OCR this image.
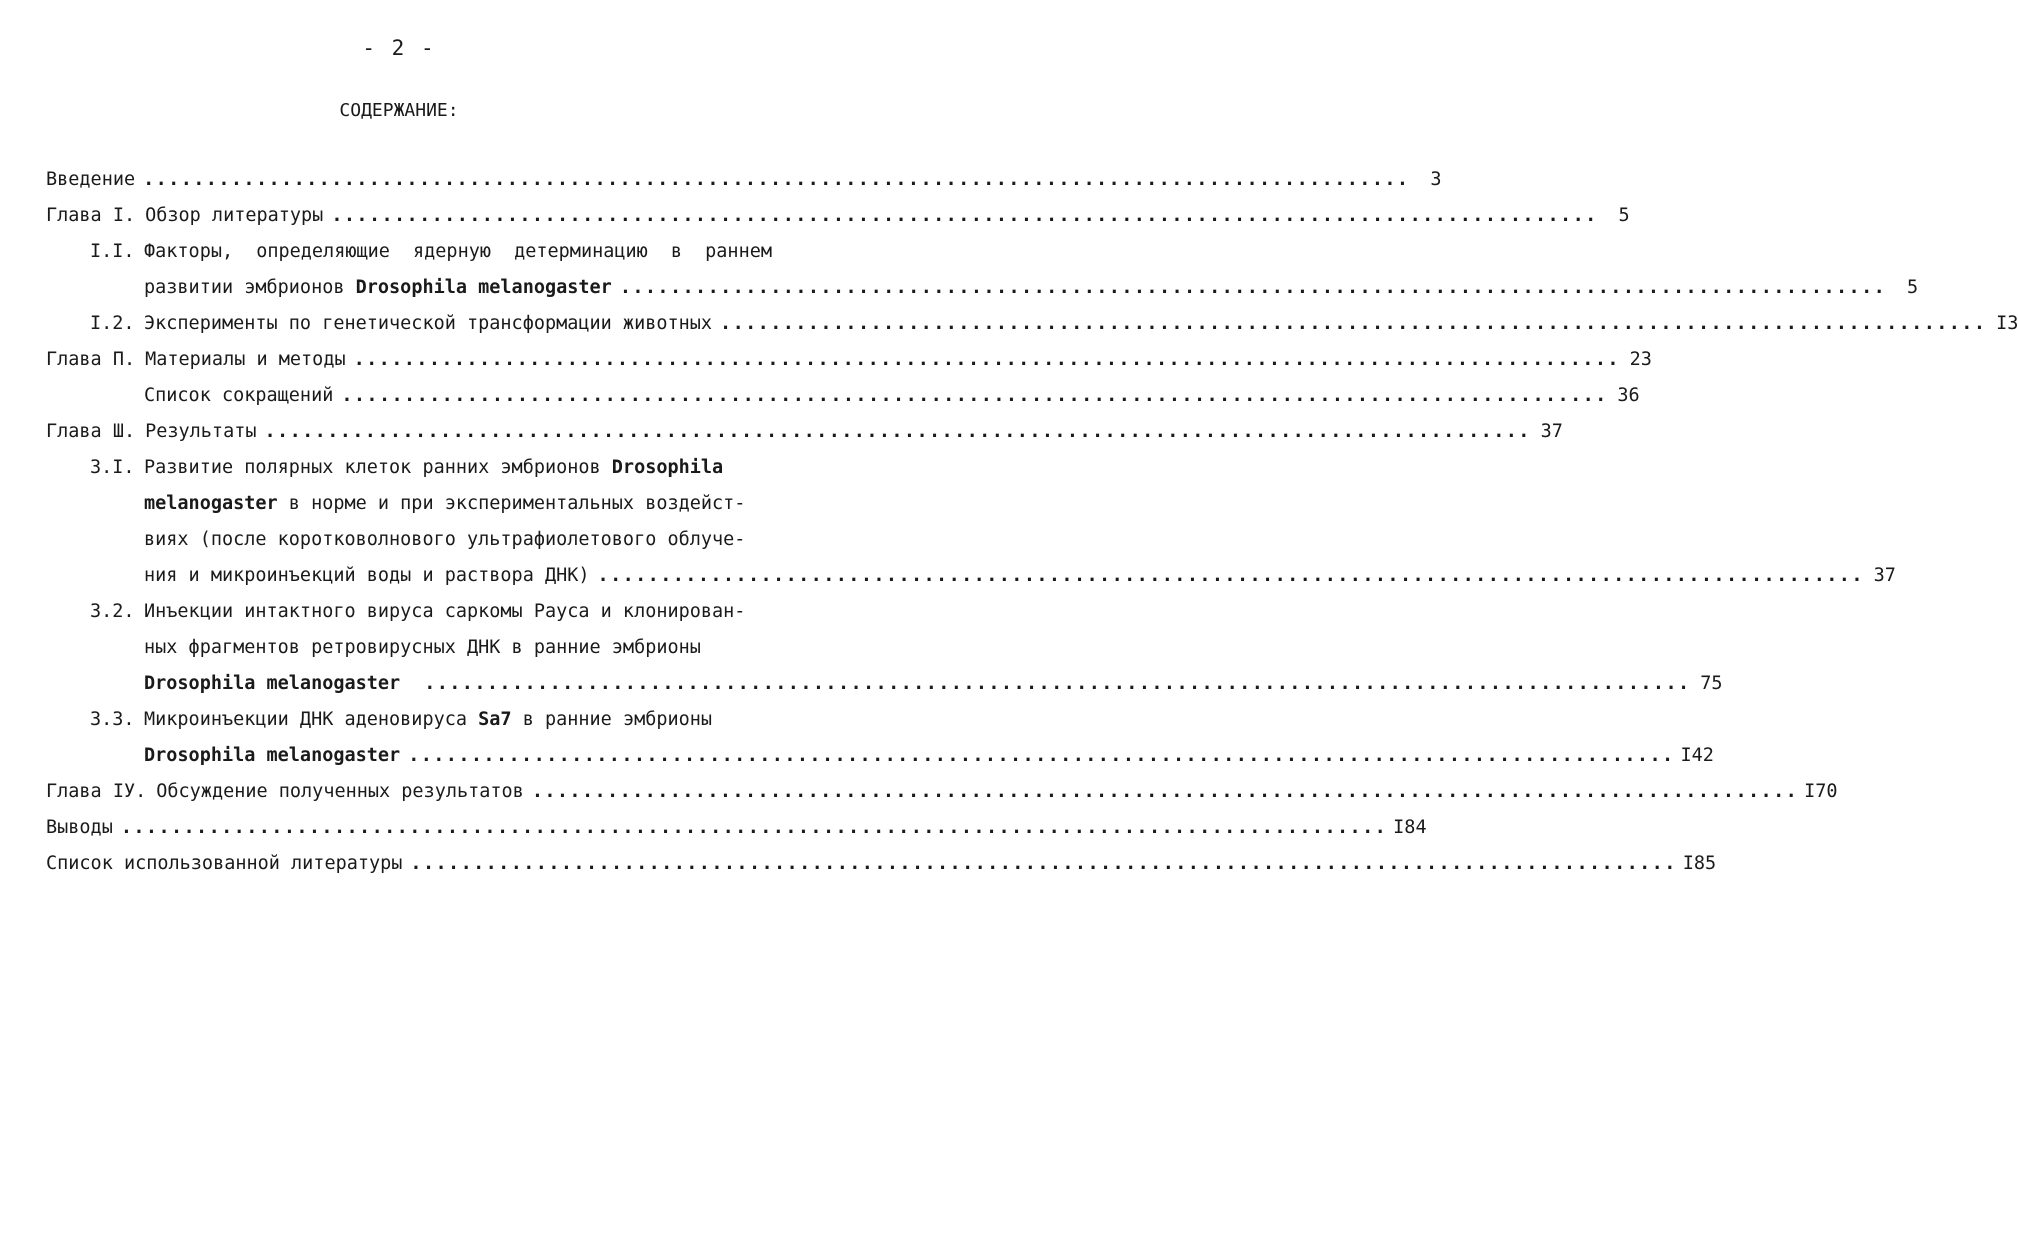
- 2 -
СОДЕРЖАНИЕ:
Введение .....................................................................................................	3
Глава I. Обзор литературы .....................................................................................................	5
I.I. Факторы, определяющие ядерную детерминацию в раннем
развитии эмбрионов Drosophila melanogaster .....................................................................................................	5
I.2. Эксперименты по генетической трансформации животных ..................................................................................................... I3
Глава П. Материалы и методы ..................................................................................................... 23
Список сокращений ..................................................................................................... 36
Глава Ш. Результаты ..................................................................................................... 37
3.I. Развитие полярных клеток ранних эмбрионов Drosophila
melanogaster в норме и при экспериментальных воздейст-
виях (после коротковолнового ультрафиолетового облуче-
ния и микроинъекций воды и раствора ДНК) ..................................................................................................... 37
3.2. Инъекции интактного вируса саркомы Рауса и клонирован-
ных фрагментов ретровирусных ДНК в ранние эмбрионы
Drosophila melanogaster	..................................................................................................... 75
3.3. Микроинъекции ДНК аденовируса Sa7 в ранние эмбрионы
Drosophila melanogaster ..................................................................................................... I42
Глава IУ. Обсуждение полученных результатов ..................................................................................................... I70
Выводы ..................................................................................................... I84
Список использованной литературы ..................................................................................................... I85
